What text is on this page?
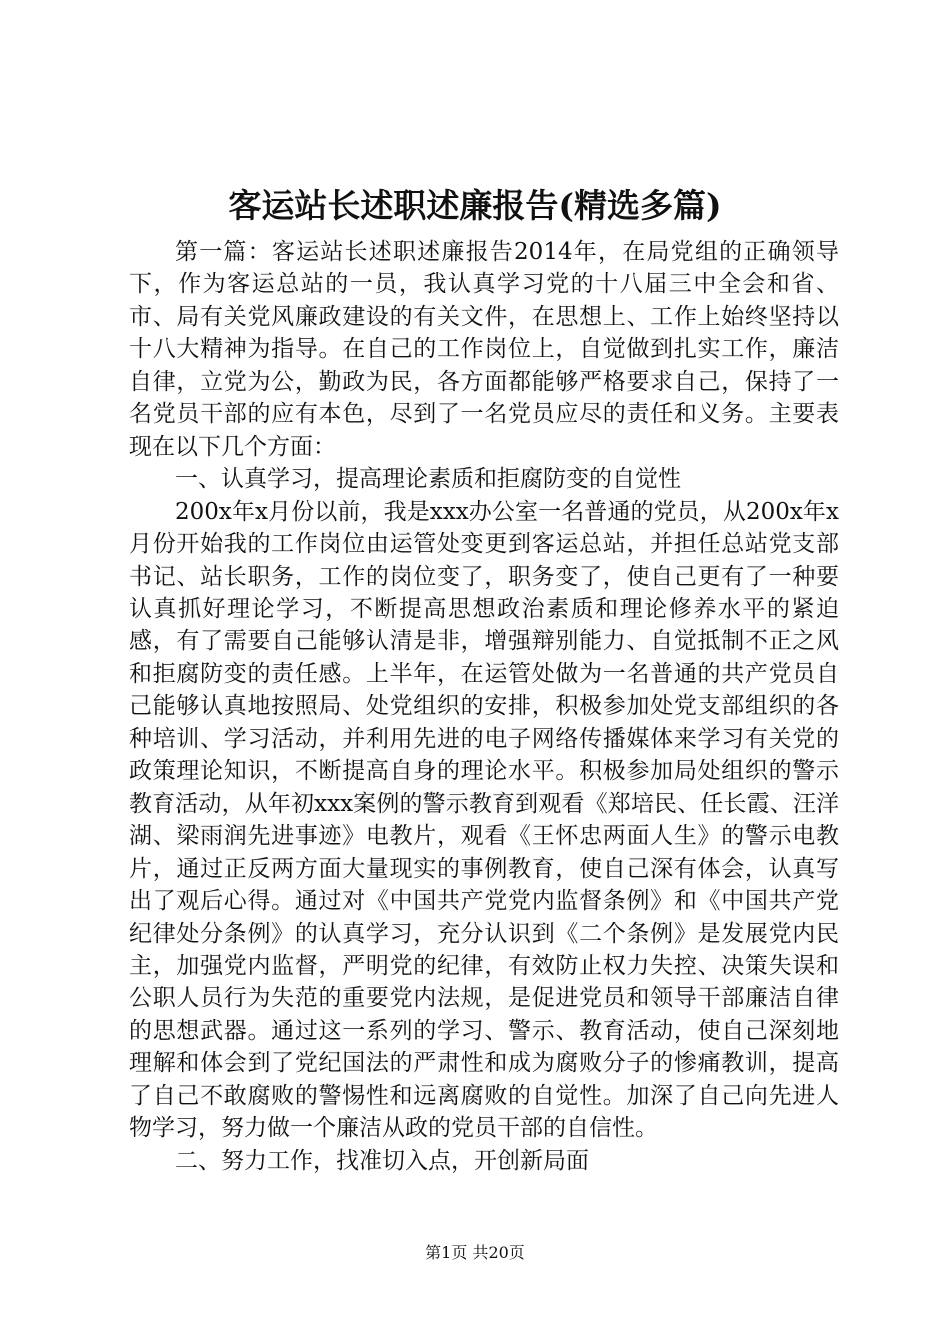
客运站长述职述廉报告(精选多篇)

第一篇：客运站长述职述廉报告2014年，在局党组的正确领导下，作为客运总站的一员，我认真学习党的十八届三中全会和省、市、局有关党风廉政建设的有关文件，在思想上、工作上始终坚持以十八大精神为指导。在自己的工作岗位上，自觉做到扎实工作，廉洁自律，立党为公，勤政为民，各方面都能够严格要求自己，保持了一名党员干部的应有本色，尽到了一名党员应尽的责任和义务。主要表现在以下几个方面：

一、认真学习，提高理论素质和拒腐防变的自觉性

200x年x月份以前，我是xxx办公室一名普通的党员，从200x年x月份开始我的工作岗位由运管处变更到客运总站，并担任总站党支部书记、站长职务，工作的岗位变了，职务变了，使自己更有了一种要认真抓好理论学习，不断提高思想政治素质和理论修养水平的紧迫感，有了需要自己能够认清是非，增强辩别能力、自觉抵制不正之风和拒腐防变的责任感。上半年，在运管处做为一名普通的共产党员自己能够认真地按照局、处党组织的安排，积极参加处党支部组织的各种培训、学习活动，并利用先进的电子网络传播媒体来学习有关党的政策理论知识，不断提高自身的理论水平。积极参加局处组织的警示教育活动，从年初xxx案例的警示教育到观看《郑培民、任长霞、汪洋湖、梁雨润先进事迹》电教片，观看《王怀忠两面人生》的警示电教片，通过正反两方面大量现实的事例教育，使自己深有体会，认真写出了观后心得。通过对《中国共产党党内监督条例》和《中国共产党纪律处分条例》的认真学习，充分认识到《二个条例》是发展党内民主，加强党内监督，严明党的纪律，有效防止权力失控、决策失误和公职人员行为失范的重要党内法规，是促进党员和领导干部廉洁自律的思想武器。通过这一系列的学习、警示、教育活动，使自己深刻地理解和体会到了党纪国法的严肃性和成为腐败分子的惨痛教训，提高了自己不敢腐败的警惕性和远离腐败的自觉性。加深了自己向先进人物学习，努力做一个廉洁从政的党员干部的自信性。

二、努力工作，找准切入点，开创新局面

第1页 共20页
